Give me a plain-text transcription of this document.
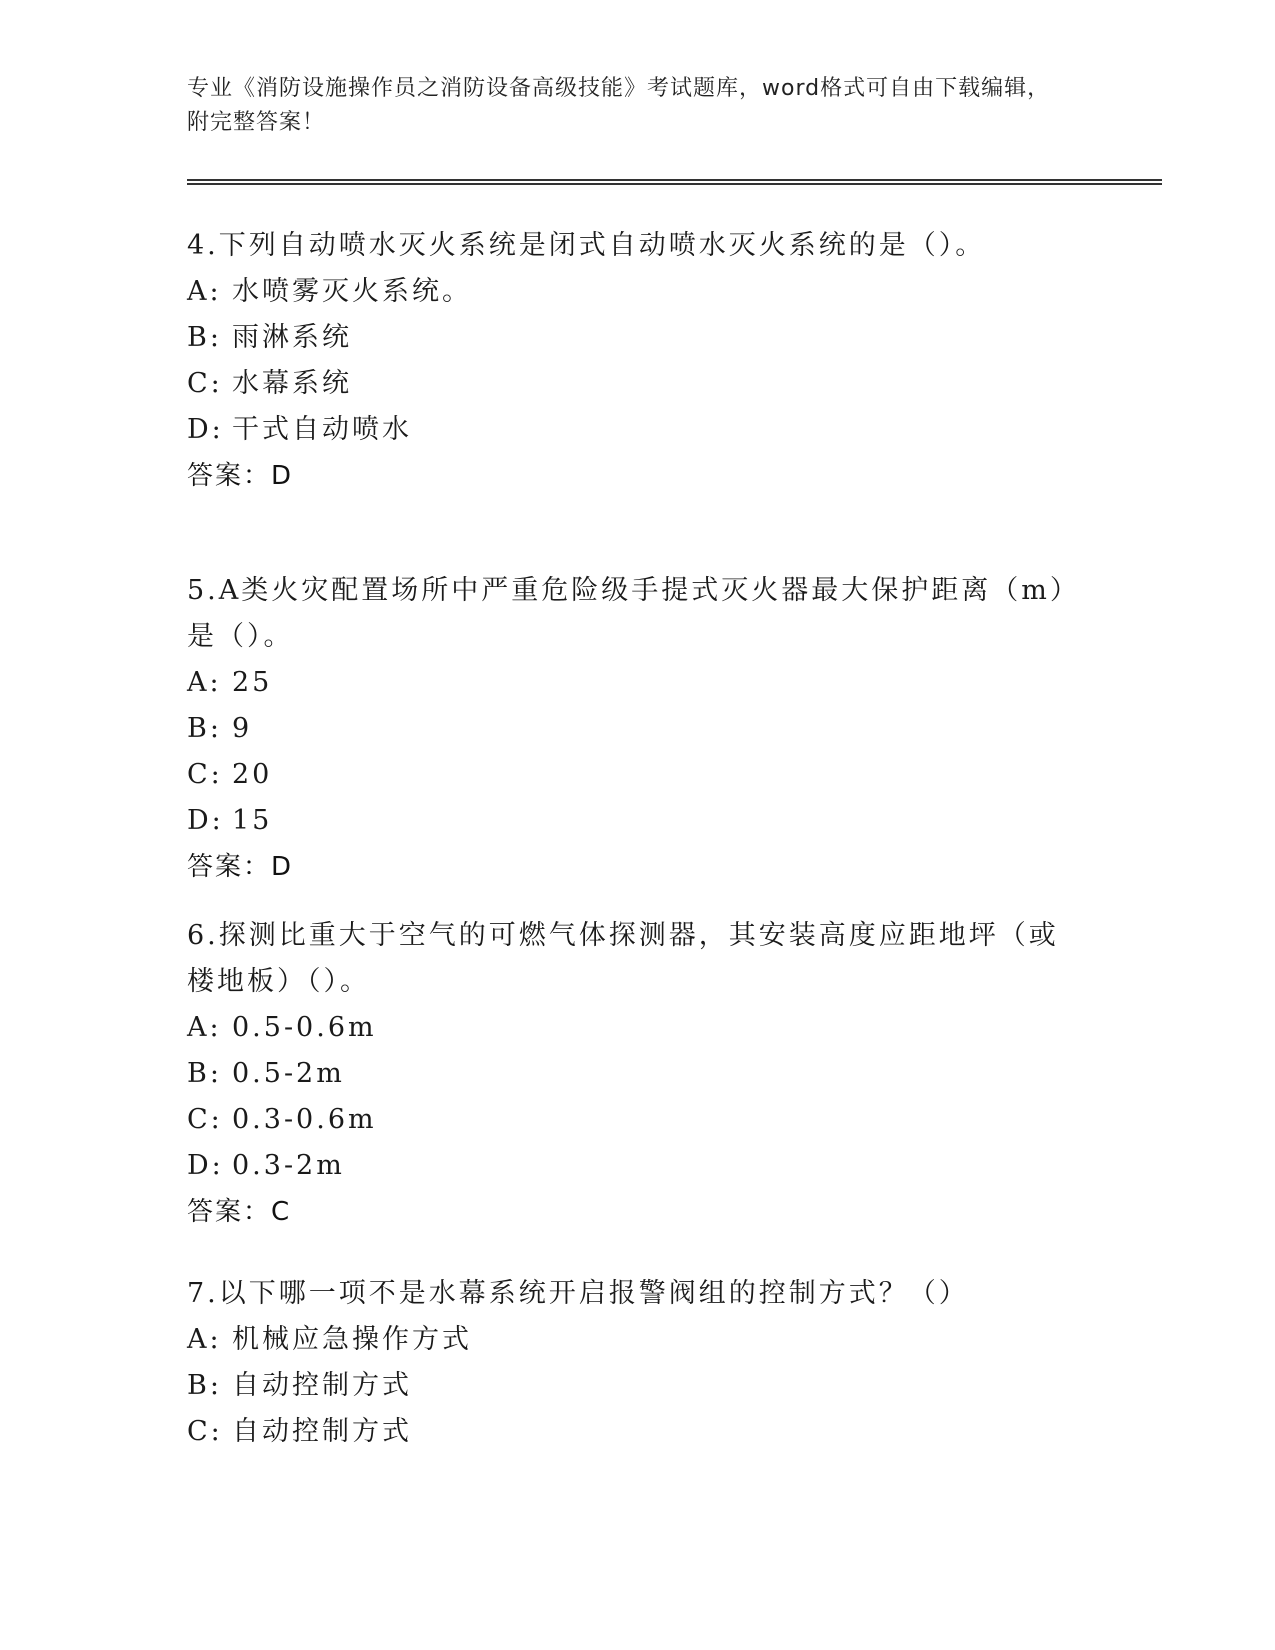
专业《消防设施操作员之消防设备高级技能》考试题库，word格式可自由下载编辑，附完整答案！
4.下列自动喷水灭火系统是闭式自动喷水灭火系统的是（）。
A: 水喷雾灭火系统。
B: 雨淋系统
C: 水幕系统
D: 干式自动喷水
答案：D
5.A类火灾配置场所中严重危险级手提式灭火器最大保护距离（m）是（）。
A: 25
B: 9
C: 20
D: 15
答案：D
6.探测比重大于空气的可燃气体探测器，其安装高度应距地坪（或楼地板）（）。
A: 0.5-0.6m
B: 0.5-2m
C: 0.3-0.6m
D: 0.3-2m
答案：C
7.以下哪一项不是水幕系统开启报警阀组的控制方式？（）
A: 机械应急操作方式
B: 自动控制方式
C: 自动控制方式
